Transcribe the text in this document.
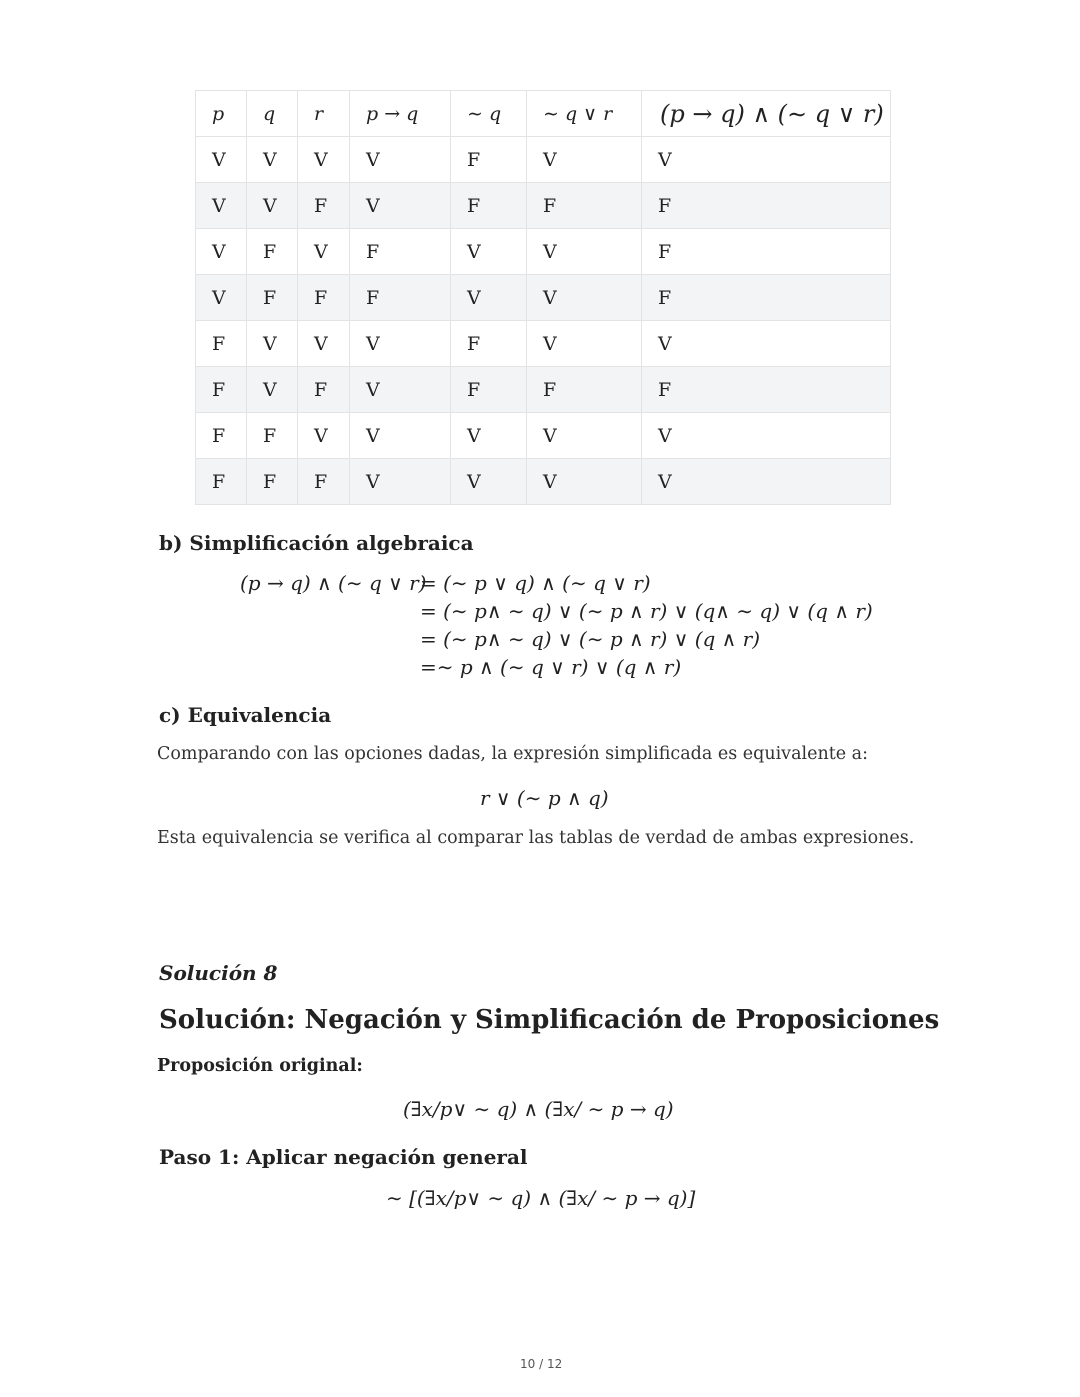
p	q	r	p → q	∼ q	∼ q ∨ r	(p → q) ∧ (∼ q ∨ r)
V	V	V	V	F	V	V
V	V	F	V	F	F	F
V	F	V	F	V	V	F
V	F	F	F	V	V	F
F	V	V	V	F	V	V
F	V	F	V	F	F	F
F	F	V	V	V	V	V
F	F	F	V	V	V	V
b) Simplificación algebraica
(p → q) ∧ (∼ q ∨ r)
= (∼ p ∨ q) ∧ (∼ q ∨ r)
= (∼ p∧ ∼ q) ∨ (∼ p ∧ r) ∨ (q∧ ∼ q) ∨ (q ∧ r)
= (∼ p∧ ∼ q) ∨ (∼ p ∧ r) ∨ (q ∧ r)
=∼ p ∧ (∼ q ∨ r) ∨ (q ∧ r)
c) Equivalencia
Comparando con las opciones dadas, la expresión simplificada es equivalente a:
r ∨ (∼ p ∧ q)
Esta equivalencia se verifica al comparar las tablas de verdad de ambas expresiones.
Solución 8
Solución: Negación y Simplificación de Proposiciones
Proposición original:
(∃x/p∨ ∼ q) ∧ (∃x/ ∼ p → q)
Paso 1: Aplicar negación general
∼ [(∃x/p∨ ∼ q) ∧ (∃x/ ∼ p → q)]
10 / 12
